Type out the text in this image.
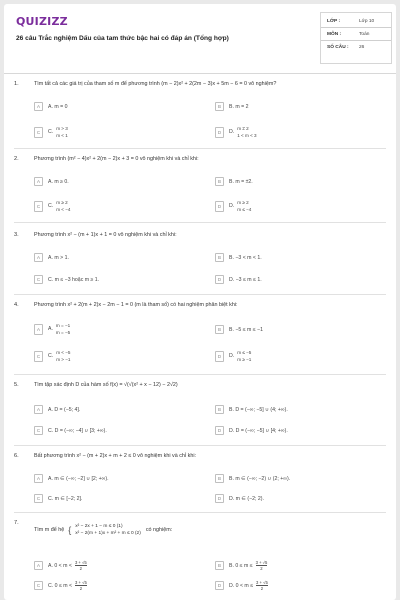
QUIZIZZ
26 câu Trắc nghiệm Dấu của tam thức bậc hai có đáp án (Tổng hợp)
LỚP :	Lớp 10
MÔN :	Toán
SỐ CÂU :	26
1.	Tìm tất cả các giá trị của tham số m để phương trình (m − 2)x² + 2(2m − 3)x + 5m − 6 = 0 vô nghiệm?
A	A. m = 0	B	B. m = 2
C	C.
m > 3
m < 1
D	D.
m ≠ 2
1 < m < 3
2.	Phương trình (m² − 4)x² + 2(m − 2)x + 3 = 0 vô nghiệm khi và chỉ khi:
A	A. m ≥ 0.	B	B. m = ±2.
C	C.
m ≥ 2
m < −4
D	D.
m ≥ 2
m ≤ −4
3.	Phương trình x² − (m + 1)x + 1 = 0 vô nghiệm khi và chỉ khi:
A	A. m > 1.	B	B. −3 < m < 1.
C	C. m ≤ −3 hoặc m ≥ 1.	D	D. −3 ≤ m ≤ 1.
4.	Phương trình x² + 2(m + 2)x − 2m − 1 = 0 (m là tham số) có hai nghiệm phân biệt khi:
A	A.
m = −1
m = −5
B	B. −5 ≤ m ≤ −1
C	C.
m < −5
m > −1
D	D.
m ≤ −5
m ≥ −1
5.	Tìm tập xác định D của hàm số f(x) = √(√(x² + x − 12) − 2√2)
A	A. D = (−5; 4].	B	B. D = (−∞; −5] ∪ (4; +∞).
C	C. D = (−∞; −4] ∪ [3; +∞).	D	D. D = (−∞; −5] ∪ [4; +∞).
6.	Bất phương trình x² − (m + 2)x + m + 2 ≤ 0 vô nghiệm khi và chỉ khi:
A	A. m ∈ (−∞; −2] ∪ [2; +∞).	B	B. m ∈ (−∞; −2) ∪ (2; +∞).
C	C. m ∈ [−2; 2].	D	D. m ∈ (−2; 2).
7.
Tìm m để hệ { x² − 2x + 1 − m ≤ 0 (1)
x² − 2(m + 1)x + m² + m ≤ 0 (2)
có nghiệm:
A	A. $0 < m < \frac{3 + √5}{2}$	B	B. $0 \le m \le \frac{3 + √5}{2}$
C	C. $0 \le m < \frac{3 + √5}{2}$	D	D. $0 < m \le \frac{3 + √5}{2}$
